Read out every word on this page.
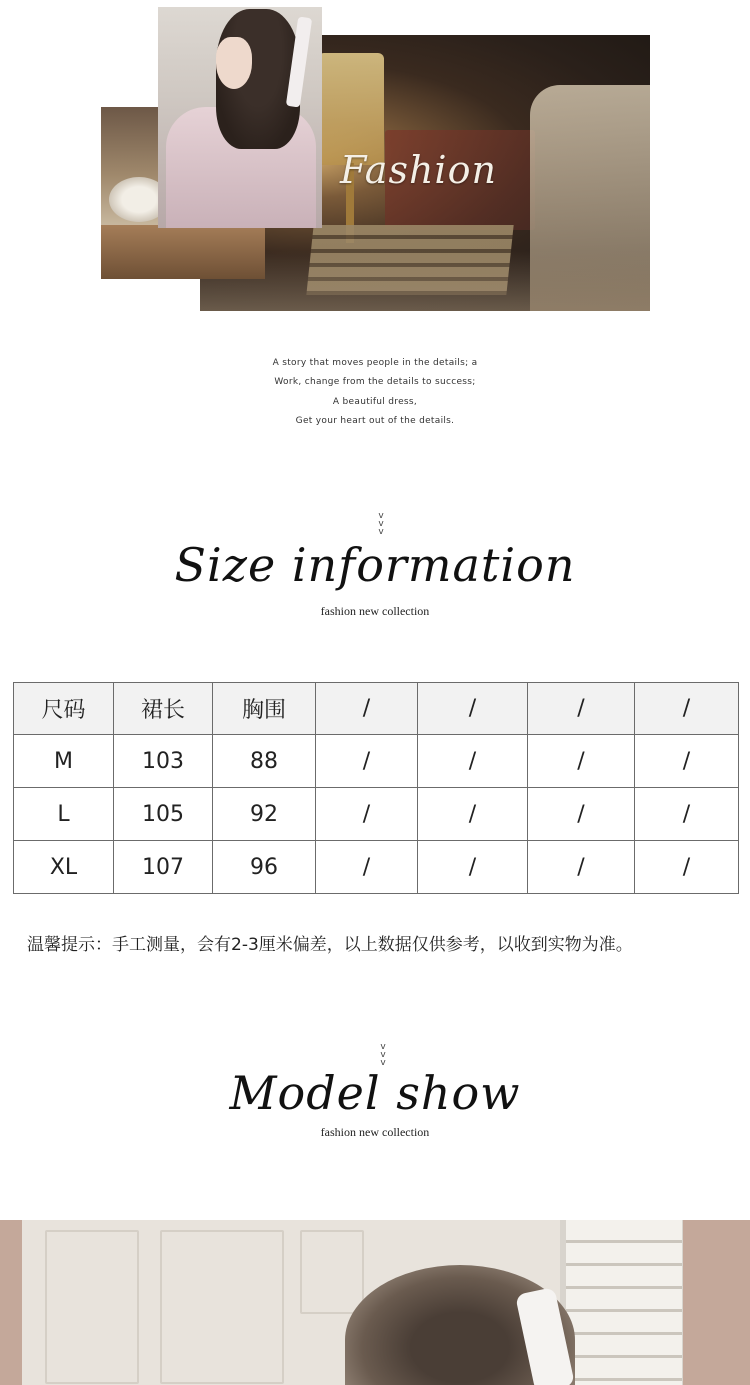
Fashion
A story that moves people in the details; a
Work, change from the details to success;
A beautiful dress,
Get your heart out of the details.
v
v
v
Size information
fashion new collection
尺码	裙长	胸围	/	/	/	/
M	103	88	/	/	/	/
L	105	92	/	/	/	/
XL	107	96	/	/	/	/
温馨提示：手工测量，会有2-3厘米偏差，以上数据仅供参考，以收到实物为准。
v
v
v
Model show
fashion new collection
